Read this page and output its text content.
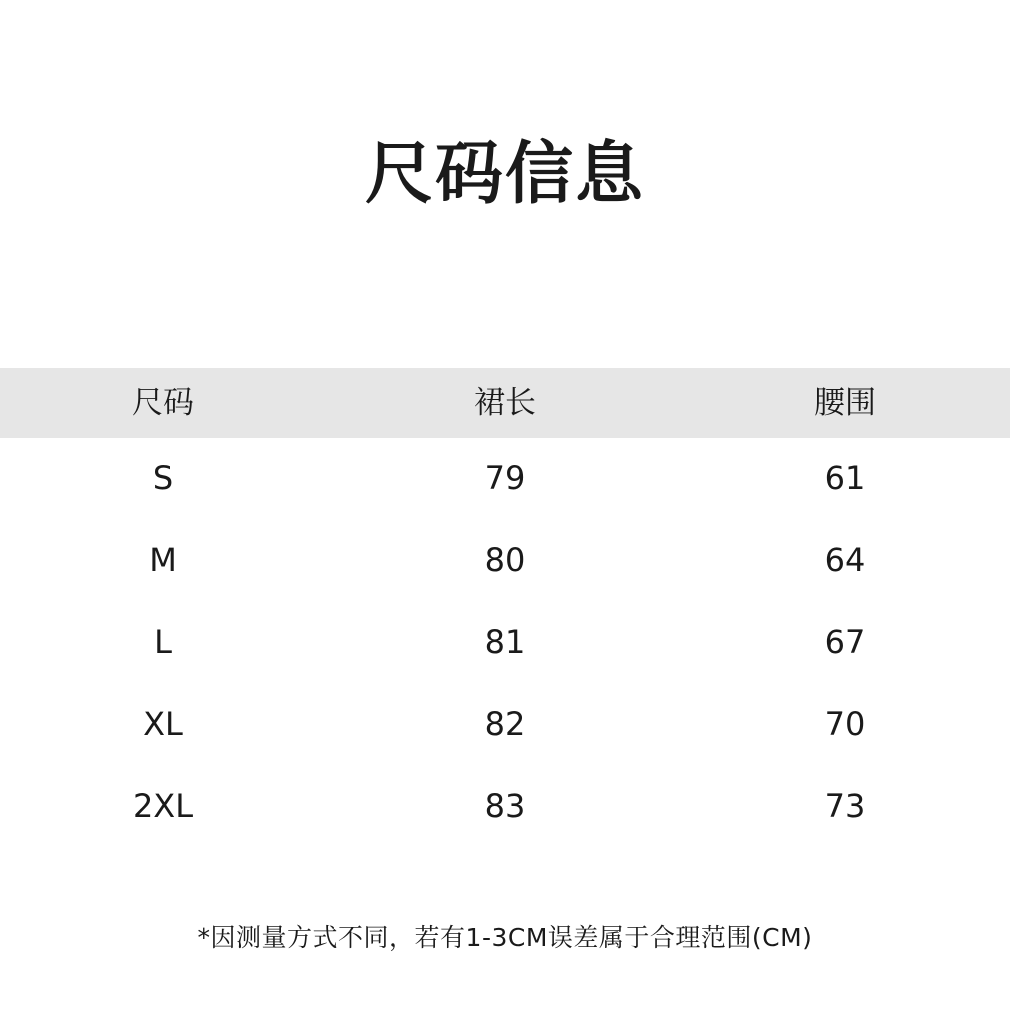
尺码信息
尺码	裙长	腰围
S	79	61
M	80	64
L	81	67
XL	82	70
2XL	83	73
*因测量方式不同，若有1-3CM误差属于合理范围(CM)
